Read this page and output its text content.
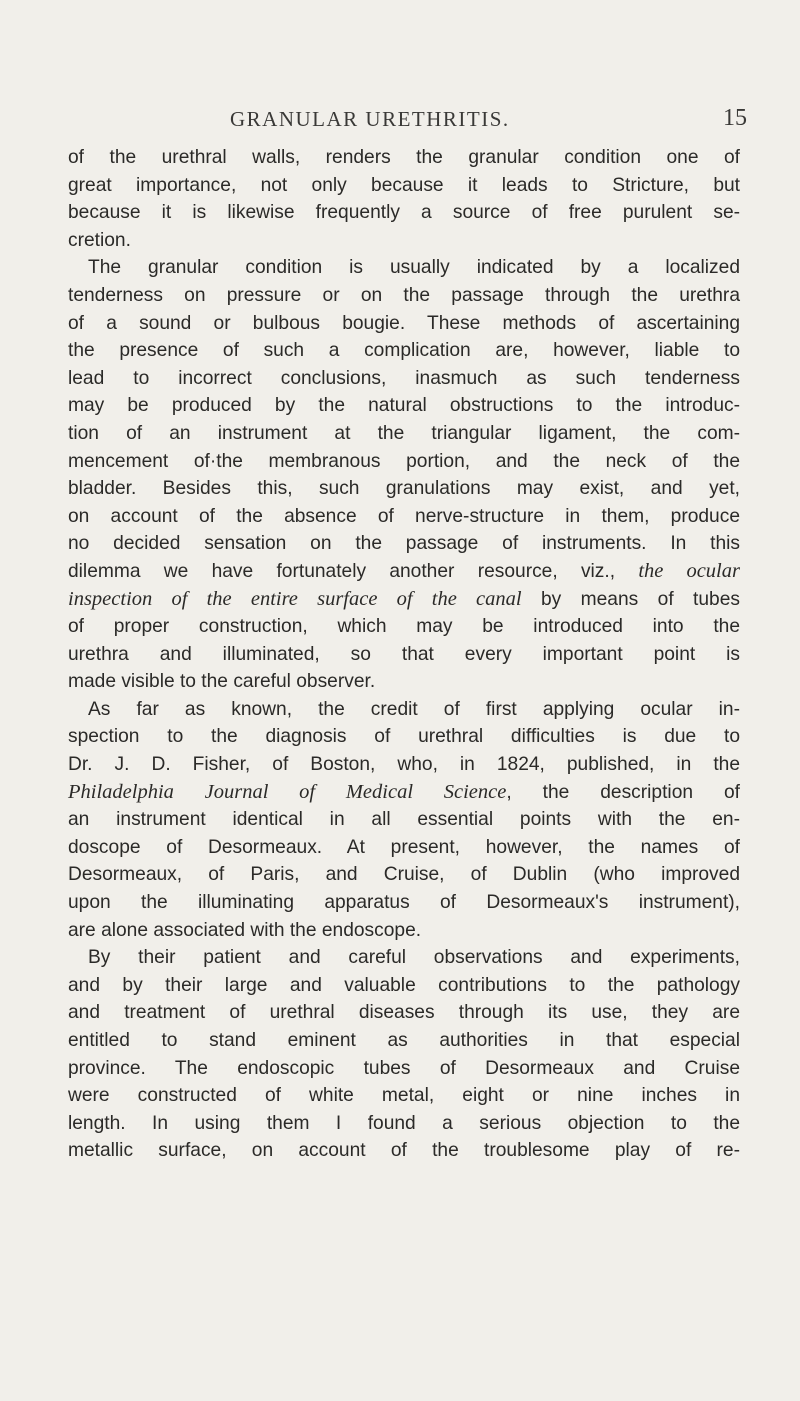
GRANULAR URETHRITIS.	15
of the urethral walls, renders the granular condition one of
great importance, not only because it leads to Stricture, but
because it is likewise frequently a source of free purulent se-
cretion.
The granular condition is usually indicated by a localized
tenderness on pressure or on the passage through the urethra
of a sound or bulbous bougie. These methods of ascertaining
the presence of such a complication are, however, liable to
lead to incorrect conclusions, inasmuch as such tenderness
may be produced by the natural obstructions to the introduc-
tion of an instrument at the triangular ligament, the com-
mencement of·the membranous portion, and the neck of the
bladder. Besides this, such granulations may exist, and yet,
on account of the absence of nerve-structure in them, produce
no decided sensation on the passage of instruments. In this
dilemma we have fortunately another resource, viz., the ocular
inspection of the entire surface of the canal by means of tubes
of proper construction, which may be introduced into the
urethra and illuminated, so that every important point is
made visible to the careful observer.
As far as known, the credit of first applying ocular in-
spection to the diagnosis of urethral difficulties is due to
Dr. J. D. Fisher, of Boston, who, in 1824, published, in the
Philadelphia Journal of Medical Science, the description of
an instrument identical in all essential points with the en-
doscope of Desormeaux. At present, however, the names of
Desormeaux, of Paris, and Cruise, of Dublin (who improved
upon the illuminating apparatus of Desormeaux's instrument),
are alone associated with the endoscope.
By their patient and careful observations and experiments,
and by their large and valuable contributions to the pathology
and treatment of urethral diseases through its use, they are
entitled to stand eminent as authorities in that especial
province. The endoscopic tubes of Desormeaux and Cruise
were constructed of white metal, eight or nine inches in
length. In using them I found a serious objection to the
metallic surface, on account of the troublesome play of re-
